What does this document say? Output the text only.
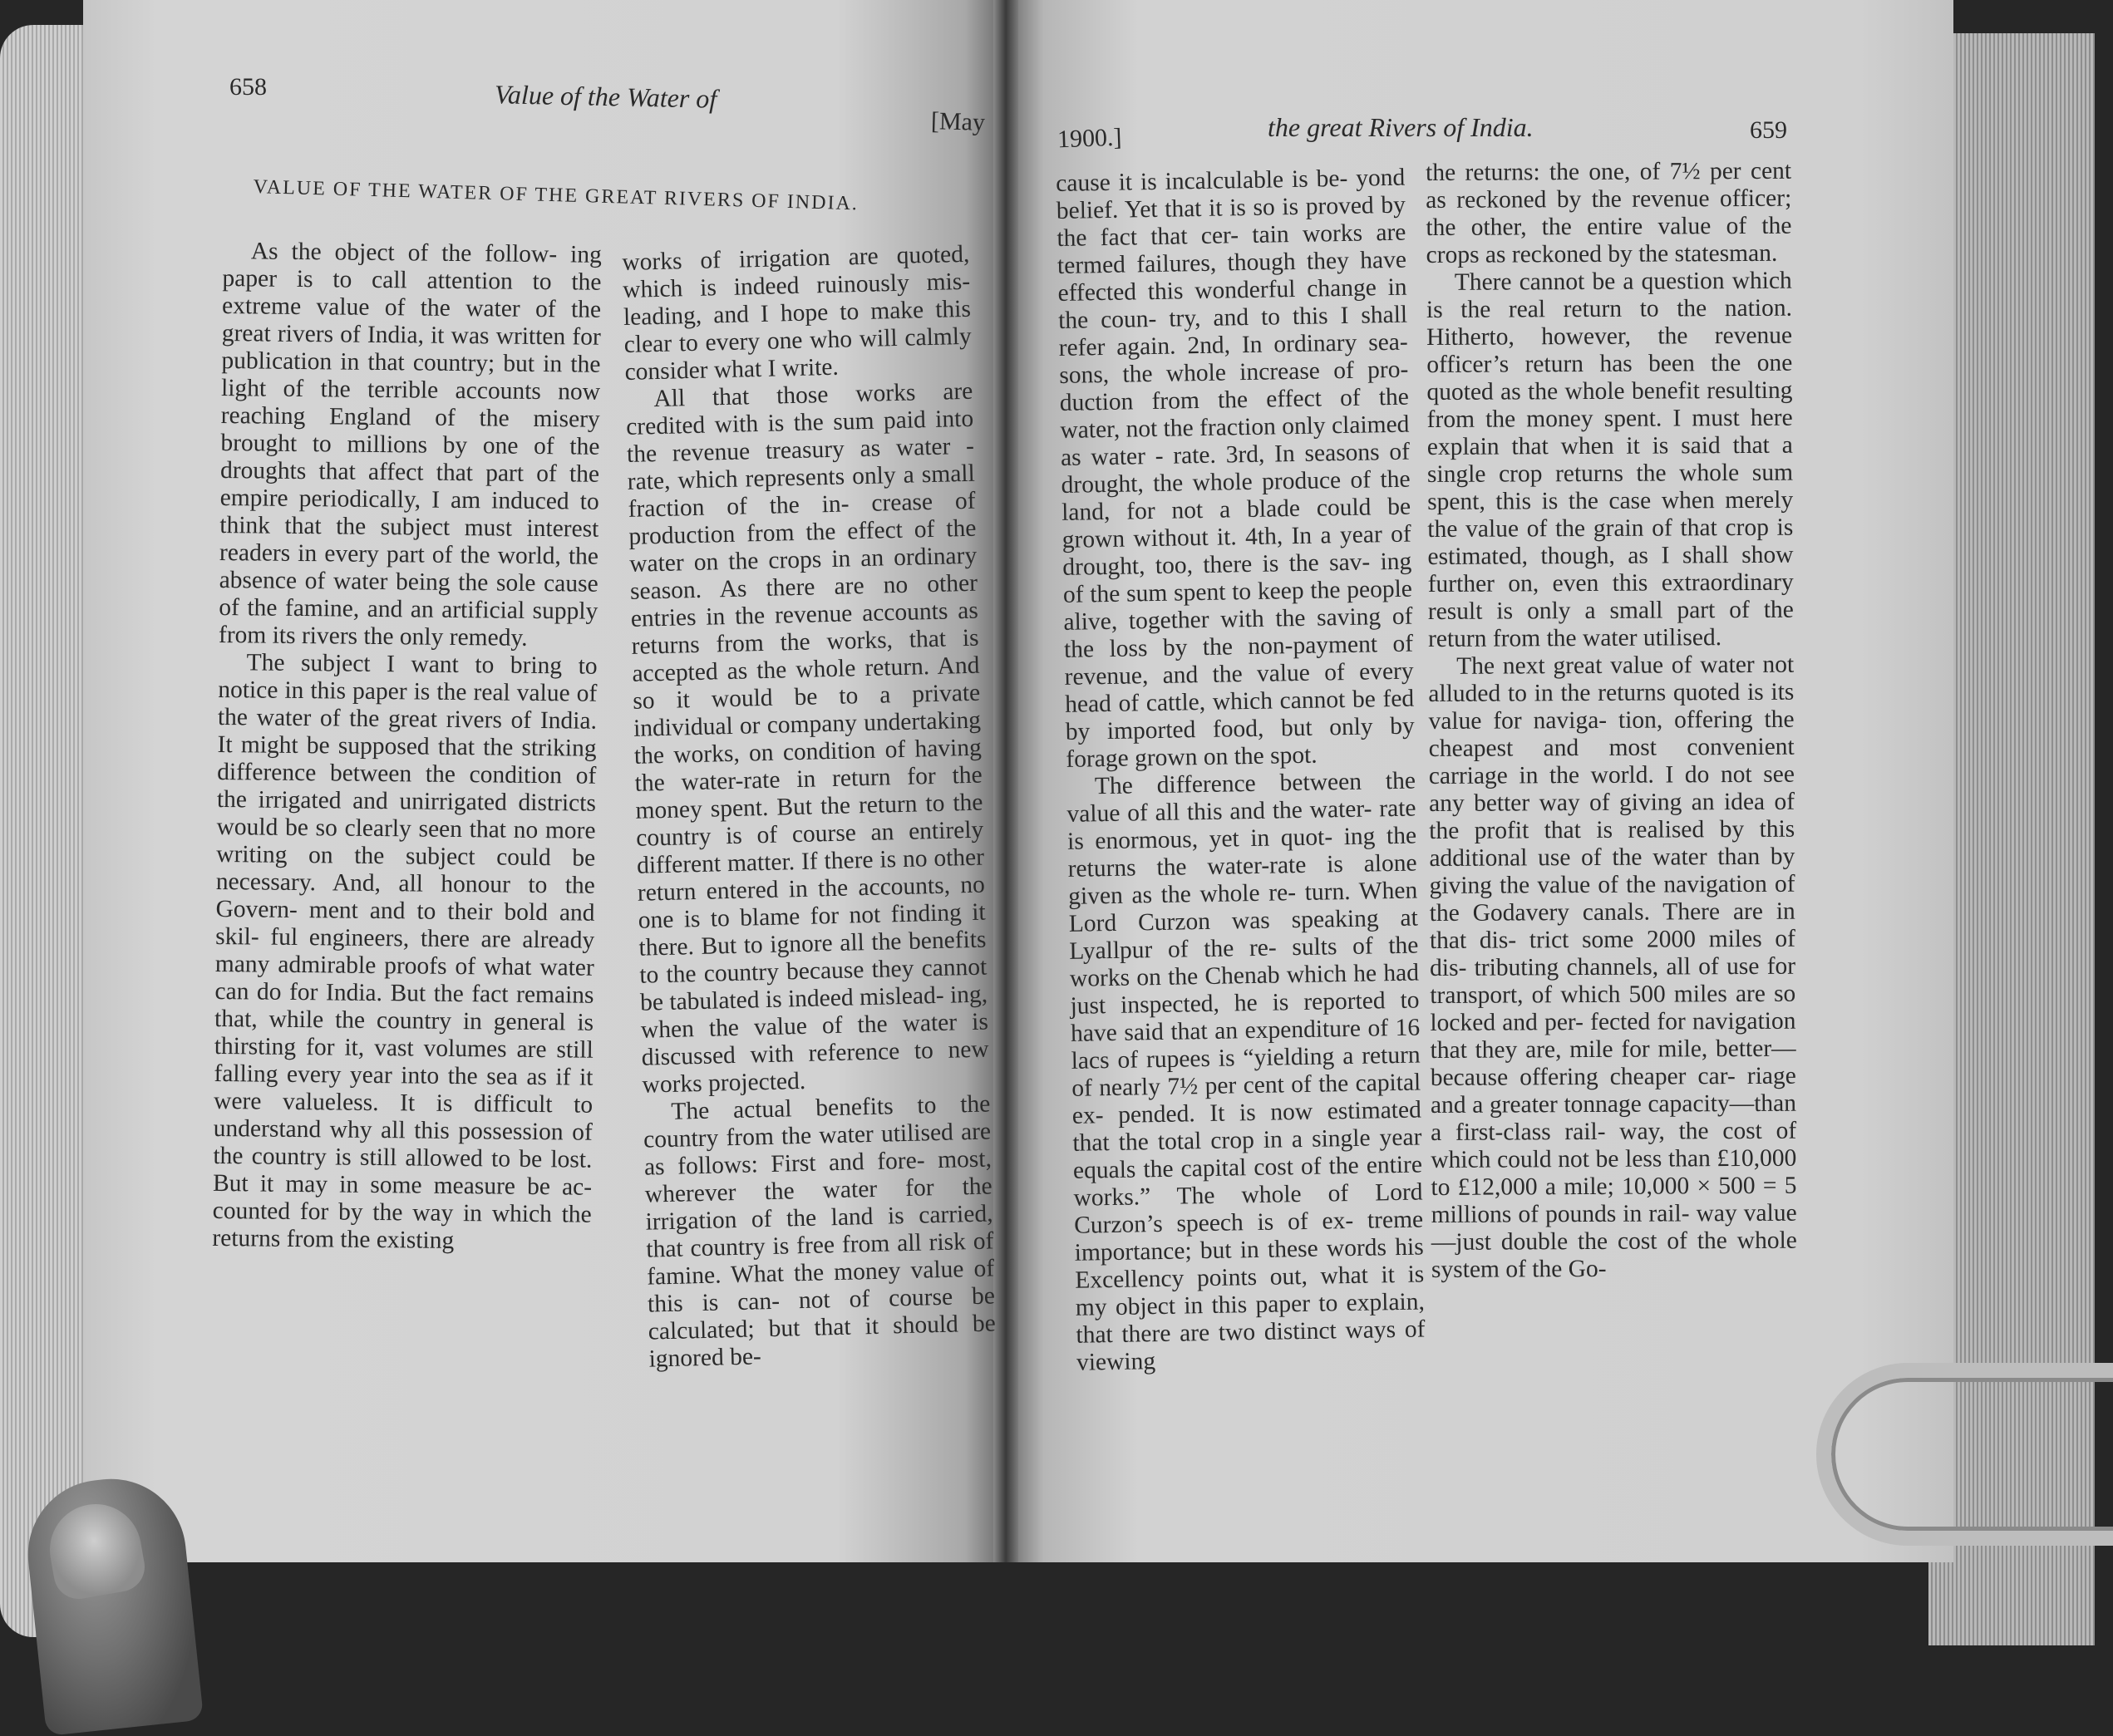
658	Value of the Water of
[May
1900.]	the great Rivers of India.	659
VALUE OF THE WATER OF THE GREAT RIVERS OF INDIA.

As the object of the follow- ing paper is to call attention to the extreme value of the water of the great rivers of India, it was written for publication in that country; but in the light of the terrible accounts now reaching England of the misery brought to millions by one of the droughts that affect that part of the empire periodically, I am induced to think that the subject must interest readers in every part of the world, the absence of water being the sole cause of the famine, and an artificial supply from its rivers the only remedy.

The subject I want to bring to notice in this paper is the real value of the water of the great rivers of India. It might be supposed that the striking difference between the condition of the irrigated and unirrigated districts would be so clearly seen that no more writing on the subject could be necessary. And, all honour to the Govern- ment and to their bold and skil- ful engineers, there are already many admirable proofs of what water can do for India. But the fact remains that, while the country in general is thirsting for it, vast volumes are still falling every year into the sea as if it were valueless. It is difficult to understand why all this possession of the country is still allowed to be lost. But it may in some measure be ac- counted for by the way in which the returns from the existing

works of irrigation are quoted, which is indeed ruinously mis- leading, and I hope to make this clear to every one who will calmly consider what I write.

All that those works are credited with is the sum paid into the revenue treasury as water - rate, which represents only a small fraction of the in- crease of production from the effect of the water on the crops in an ordinary season. As there are no other entries in the revenue accounts as returns from the works, that is accepted as the whole return. And so it would be to a private individual or company undertaking the works, on condition of having the water-rate in return for the money spent. But the return to the country is of course an entirely different matter. If there is no other return entered in the accounts, no one is to blame for not finding it there. But to ignore all the benefits to the country because they cannot be tabulated is indeed mislead- ing, when the value of the water is discussed with reference to new works projected.

The actual benefits to the country from the water utilised are as follows: First and fore- most, wherever the water for the irrigation of the land is carried, that country is free from all risk of famine. What the money value of this is can- not of course be calculated; but that it should be ignored be-

cause it is incalculable is be- yond belief. Yet that it is so is proved by the fact that cer- tain works are termed failures, though they have effected this wonderful change in the coun- try, and to this I shall refer again. 2nd, In ordinary sea- sons, the whole increase of pro- duction from the effect of the water, not the fraction only claimed as water - rate. 3rd, In seasons of drought, the whole produce of the land, for not a blade could be grown without it. 4th, In a year of drought, too, there is the sav- ing of the sum spent to keep the people alive, together with the saving of the loss by the non-payment of revenue, and the value of every head of cattle, which cannot be fed by imported food, but only by forage grown on the spot.

The difference between the value of all this and the water- rate is enormous, yet in quot- ing the returns the water-rate is alone given as the whole re- turn. When Lord Curzon was speaking at Lyallpur of the re- sults of the works on the Chenab which he had just inspected, he is reported to have said that an expenditure of 16 lacs of rupees is “yielding a return of nearly 7½ per cent of the capital ex- pended. It is now estimated that the total crop in a single year equals the capital cost of the entire works.” The whole of Lord Curzon’s speech is of ex- treme importance; but in these words his Excellency points out, what it is my object in this paper to explain, that there are two distinct ways of viewing

the returns: the one, of 7½ per cent as reckoned by the revenue officer; the other, the entire value of the crops as reckoned by the statesman.

There cannot be a question which is the real return to the nation. Hitherto, however, the revenue officer’s return has been the one quoted as the whole benefit resulting from the money spent. I must here explain that when it is said that a single crop returns the whole sum spent, this is the case when merely the value of the grain of that crop is estimated, though, as I shall show further on, even this extraordinary result is only a small part of the return from the water utilised.

The next great value of water not alluded to in the returns quoted is its value for naviga- tion, offering the cheapest and most convenient carriage in the world. I do not see any better way of giving an idea of the profit that is realised by this additional use of the water than by giving the value of the navigation of the Godavery canals. There are in that dis- trict some 2000 miles of dis- tributing channels, all of use for transport, of which 500 miles are so locked and per- fected for navigation that they are, mile for mile, better— because offering cheaper car- riage and a greater tonnage capacity—than a first-class rail- way, the cost of which could not be less than £10,000 to £12,000 a mile; 10,000 × 500 = 5 millions of pounds in rail- way value—just double the cost of the whole system of the Go-
